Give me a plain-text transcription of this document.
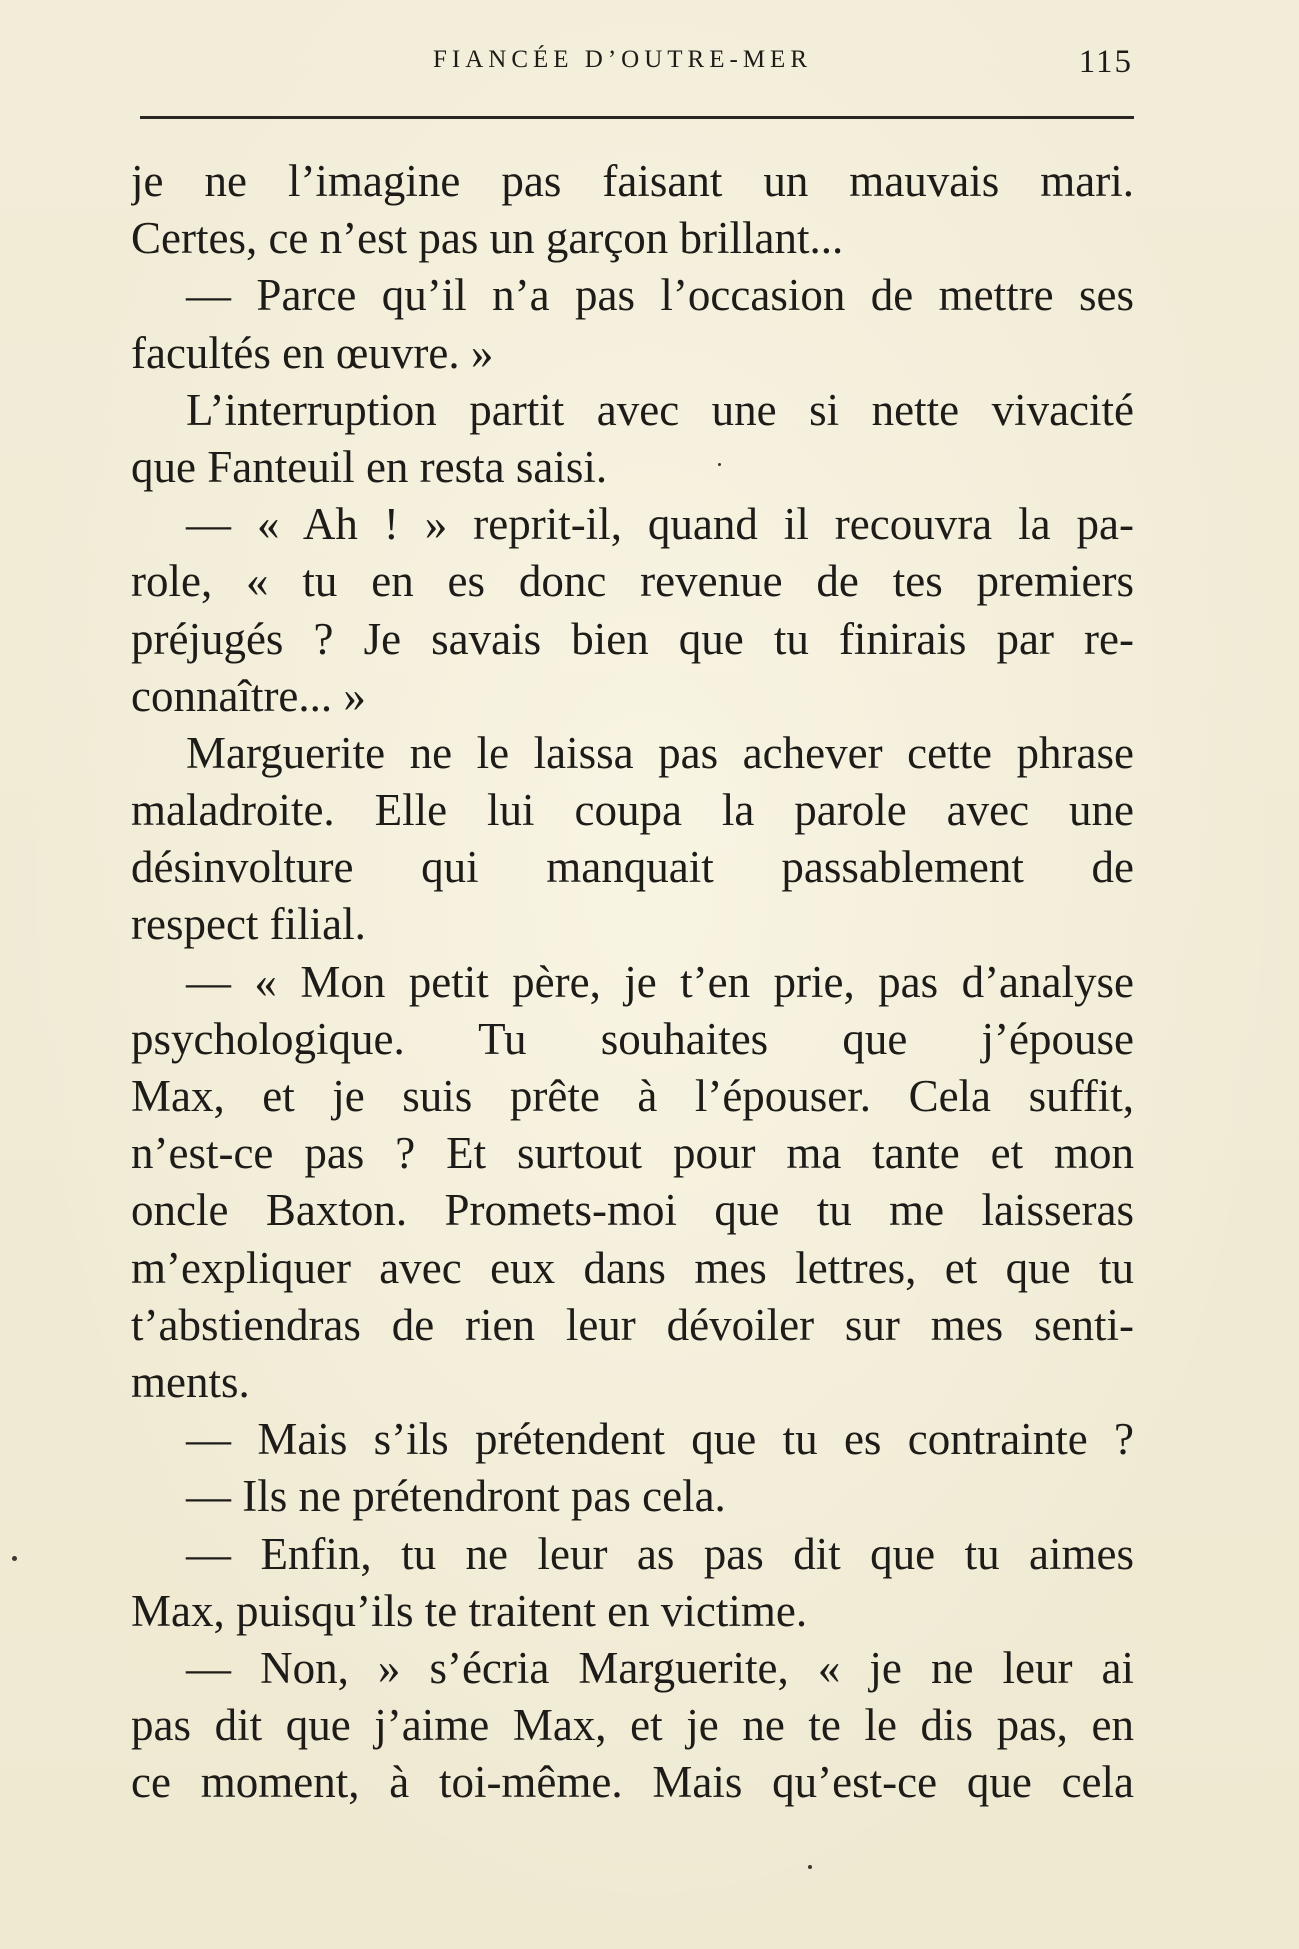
FIANCÉE D’OUTRE-MER	115
je ne l’imagine pas faisant un mauvais mari.
Certes, ce n’est pas un garçon brillant...
— Parce qu’il n’a pas l’occasion de mettre ses
facultés en œuvre. »
L’interruption partit avec une si nette vivacité
que Fanteuil en resta saisi.
— « Ah ! » reprit-il, quand il recouvra la pa-
role, « tu en es donc revenue de tes premiers
préjugés ? Je savais bien que tu finirais par re-
connaître... »
Marguerite ne le laissa pas achever cette phrase
maladroite. Elle lui coupa la parole avec une
désinvolture qui manquait passablement de
respect filial.
— « Mon petit père, je t’en prie, pas d’analyse
psychologique. Tu souhaites que j’épouse
Max, et je suis prête à l’épouser. Cela suffit,
n’est-ce pas ? Et surtout pour ma tante et mon
oncle Baxton. Promets-moi que tu me laisseras
m’expliquer avec eux dans mes lettres, et que tu
t’abstiendras de rien leur dévoiler sur mes senti-
ments.
— Mais s’ils prétendent que tu es contrainte ?
— Ils ne prétendront pas cela.
— Enfin, tu ne leur as pas dit que tu aimes
Max, puisqu’ils te traitent en victime.
— Non, » s’écria Marguerite, « je ne leur ai
pas dit que j’aime Max, et je ne te le dis pas, en
ce moment, à toi-même. Mais qu’est-ce que cela
